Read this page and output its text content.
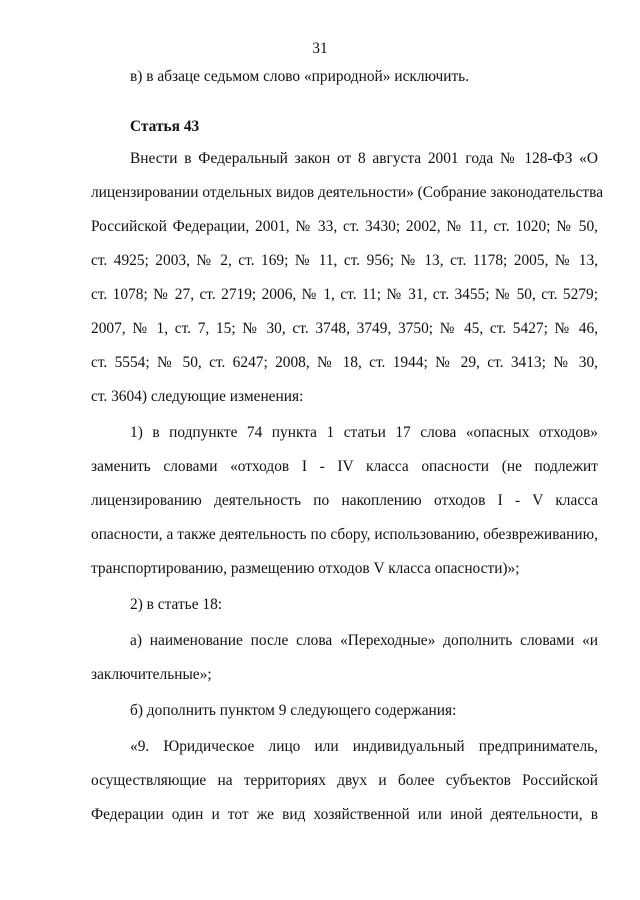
31
в) в абзаце седьмом слово «природной» исключить.
Статья 43
Внести в Федеральный закон от 8 августа 2001 года № 128-ФЗ «О
лицензировании отдельных видов деятельности» (Собрание законодательства
Российской Федерации, 2001, № 33, ст. 3430; 2002, № 11, ст. 1020; № 50,
ст. 4925; 2003, № 2, ст. 169; № 11, ст. 956; № 13, ст. 1178; 2005, № 13,
ст. 1078; № 27, ст. 2719; 2006, № 1, ст. 11; № 31, ст. 3455; № 50, ст. 5279;
2007, № 1, ст. 7, 15; № 30, ст. 3748, 3749, 3750; № 45, ст. 5427; № 46,
ст. 5554; № 50, ст. 6247; 2008, № 18, ст. 1944; № 29, ст. 3413; № 30,
ст. 3604) следующие изменения:
1) в подпункте 74 пункта 1 статьи 17 слова «опасных отходов»
заменить словами «отходов I - IV класса опасности (не подлежит
лицензированию деятельность по накоплению отходов I - V класса
опасности, а также деятельность по сбору, использованию, обезвреживанию,
транспортированию, размещению отходов V класса опасности)»;
2) в статье 18:
а) наименование после слова «Переходные» дополнить словами «и
заключительные»;
б) дополнить пунктом 9 следующего содержания:
«9. Юридическое лицо или индивидуальный предприниматель,
осуществляющие на территориях двух и более субъектов Российской
Федерации один и тот же вид хозяйственной или иной деятельности, в
